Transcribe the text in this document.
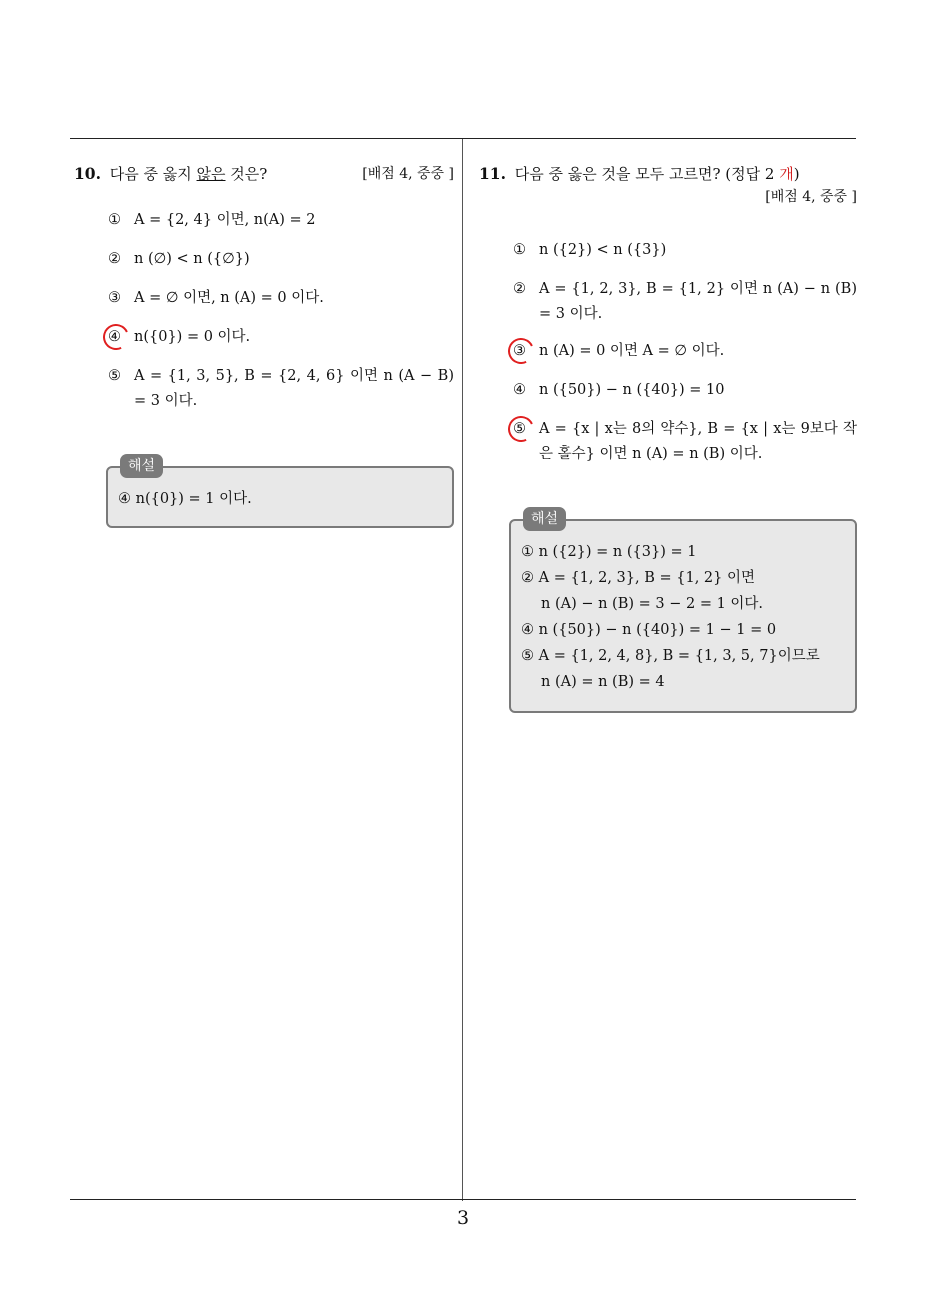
10. 다음 중 옳지 않은 것은?	[배점 4, 중중 ]
① A = {2, 4} 이면, n(A) = 2
② n (∅) < n ({∅})
③ A = ∅ 이면, n (A) = 0 이다.
④ n({0}) = 0 이다.
⑤ A = {1, 3, 5}, B = {2, 4, 6} 이면 n (A − B) = 3 이다.
해설
④ n({0}) = 1 이다.
11. 다음 중 옳은 것을 모두 고르면? (정답 2 개)
[배점 4, 중중 ]
① n ({2}) < n ({3})
② A = {1, 2, 3}, B = {1, 2} 이면 n (A) − n (B) = 3 이다.
③ n (A) = 0 이면 A = ∅ 이다.
④ n ({50}) − n ({40}) = 10
⑤ A = {x | x는 8의 약수}, B = {x | x는 9보다 작은 홀수} 이면 n (A) = n (B) 이다.
해설
① n ({2}) = n ({3}) = 1
② A = {1, 2, 3}, B = {1, 2} 이면
n (A) − n (B) = 3 − 2 = 1 이다.
④ n ({50}) − n ({40}) = 1 − 1 = 0
⑤ A = {1, 2, 4, 8}, B = {1, 3, 5, 7}이므로
n (A) = n (B) = 4
3
